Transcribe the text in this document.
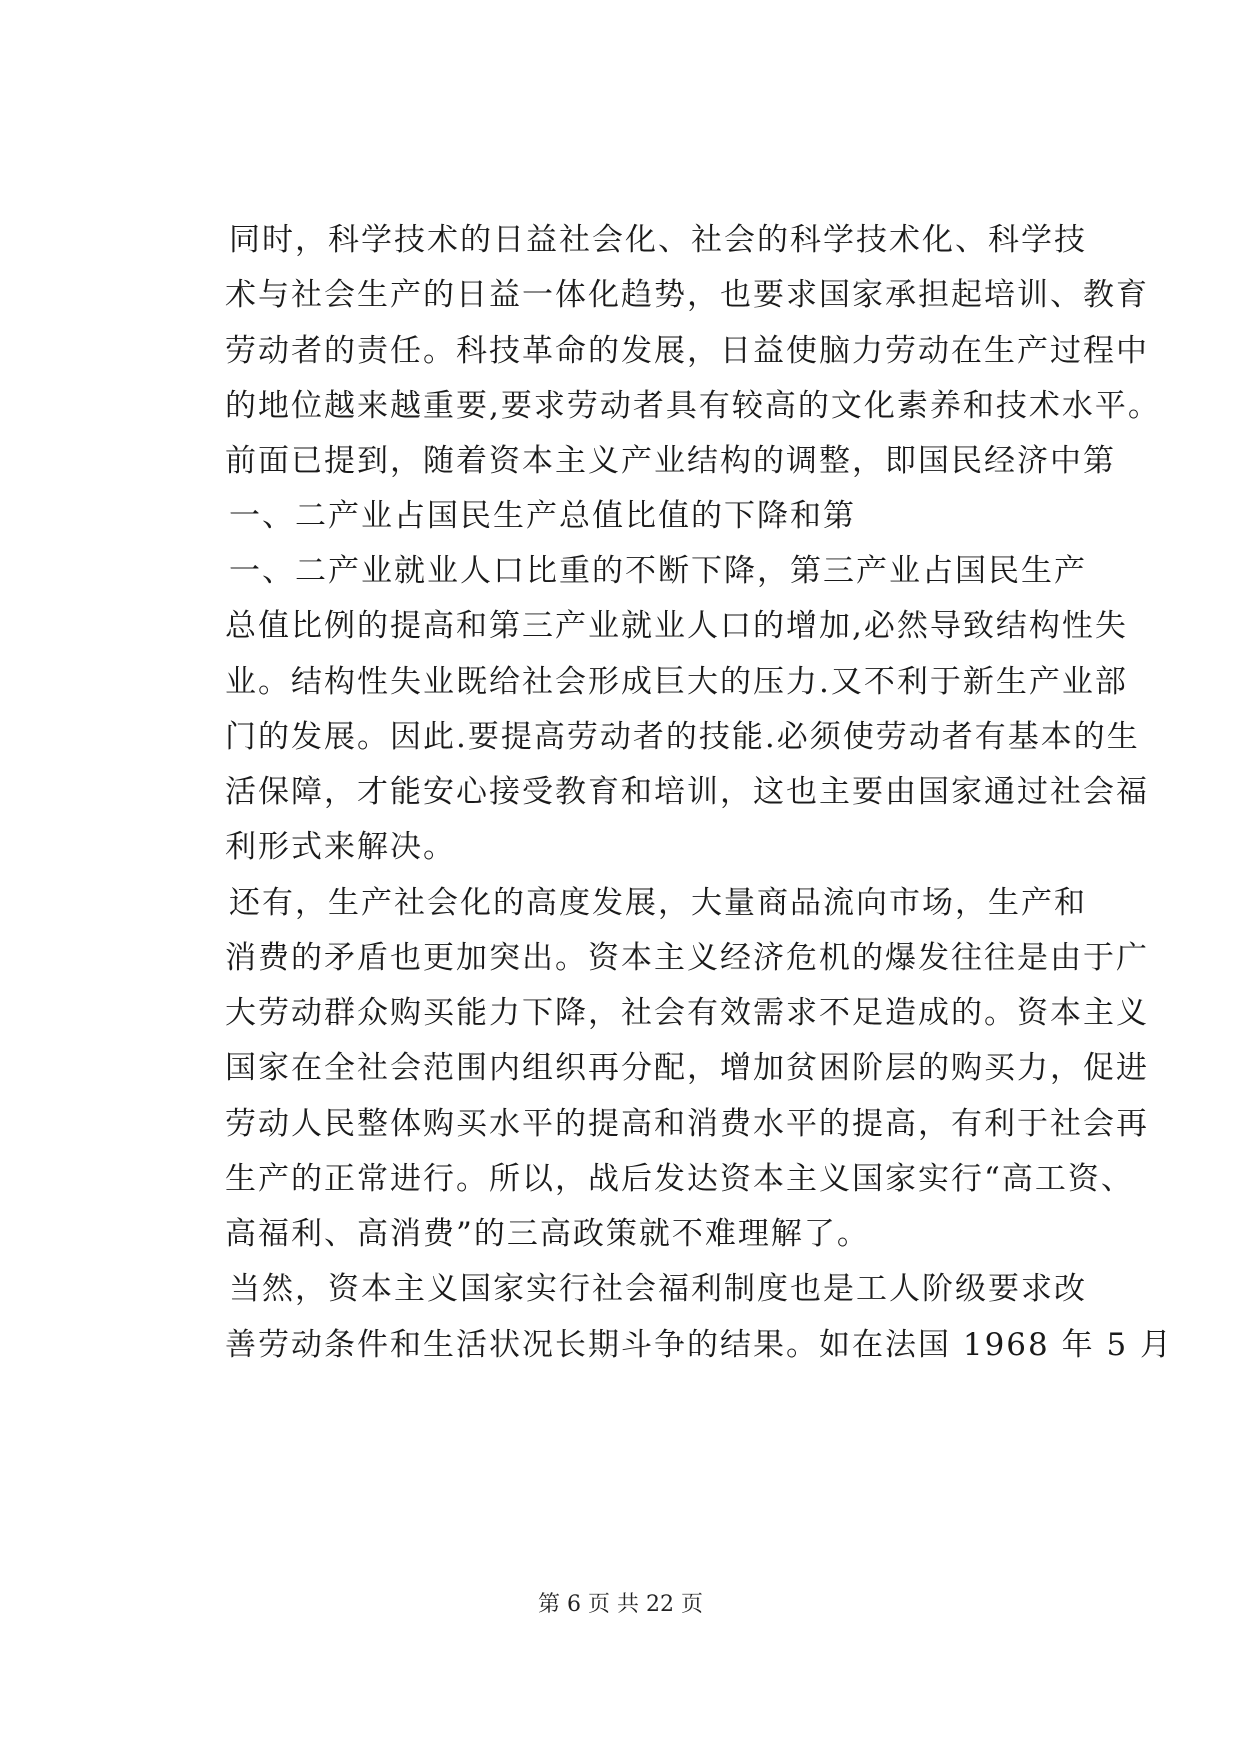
同时，科学技术的日益社会化、社会的科学技术化、科学技
术与社会生产的日益一体化趋势，也要求国家承担起培训、教育
劳动者的责任。科技革命的发展，日益使脑力劳动在生产过程中
的地位越来越重要,要求劳动者具有较高的文化素养和技术水平。
前面已提到，随着资本主义产业结构的调整，即国民经济中第
一、二产业占国民生产总值比值的下降和第
一、二产业就业人口比重的不断下降，第三产业占国民生产
总值比例的提高和第三产业就业人口的增加,必然导致结构性失
业。结构性失业既给社会形成巨大的压力.又不利于新生产业部
门的发展。因此.要提高劳动者的技能.必须使劳动者有基本的生
活保障，才能安心接受教育和培训，这也主要由国家通过社会福
利形式来解决。
还有，生产社会化的高度发展，大量商品流向市场，生产和
消费的矛盾也更加突出。资本主义经济危机的爆发往往是由于广
大劳动群众购买能力下降，社会有效需求不足造成的。资本主义
国家在全社会范围内组织再分配，增加贫困阶层的购买力，促进
劳动人民整体购买水平的提高和消费水平的提高，有利于社会再
生产的正常进行。所以，战后发达资本主义国家实行“高工资、
高福利、高消费”的三高政策就不难理解了。
当然，资本主义国家实行社会福利制度也是工人阶级要求改
善劳动条件和生活状况长期斗争的结果。如在法国 1968 年 5 月
第 6 页 共 22 页
